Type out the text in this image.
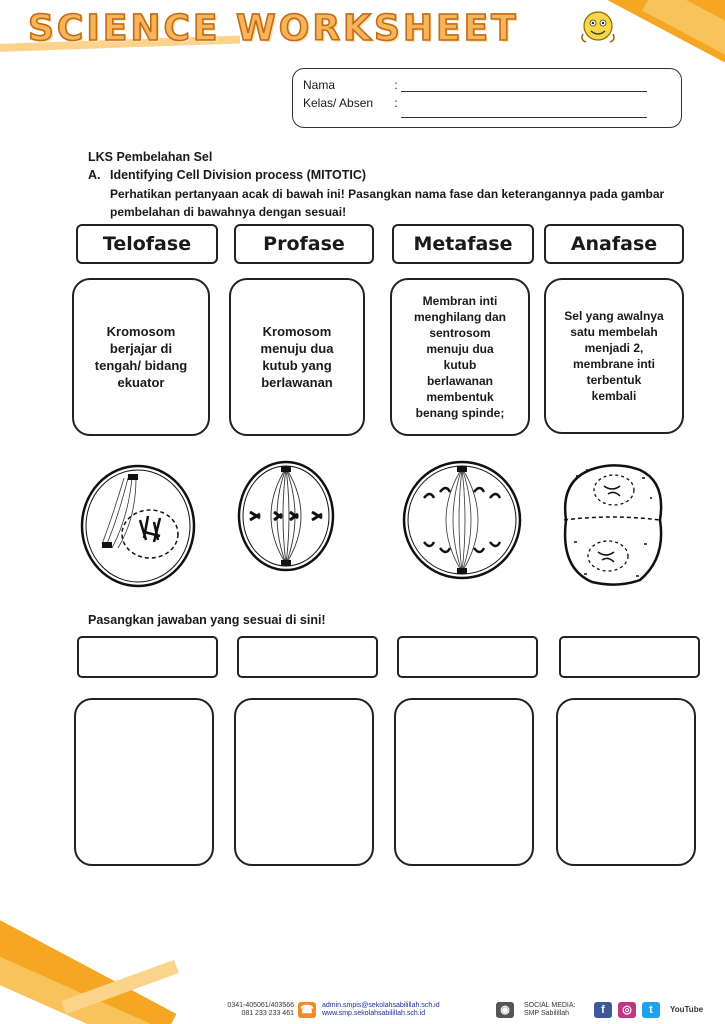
SCIENCE WORKSHEET
Nama	:
Kelas/ Absen :
LKS Pembelahan Sel
A. Identifying Cell Division process (MITOTIC)
Perhatikan pertanyaan acak di bawah ini! Pasangkan nama fase dan keterangannya pada gambar
pembelahan di bawahnya dengan sesuai!
Telofase	Profase	Metafase	Anafase
Kromosom
berjajar di
tengah/ bidang
ekuator
Kromosom
menuju dua
kutub yang
berlawanan
Membran inti
menghilang dan
sentrosom
menuju dua
kutub
berlawanan
membentuk
benang spinde;
Sel yang awalnya
satu membelah
menjadi 2,
membrane inti
terbentuk
kembali
Pasangkan jawaban yang sesuai di sini!
0341-405061/403566
081 233 233 461 ☎	admin.smpis@sekolahsabilillah.sch.id
www.smp.sekolahsabilillah.sch.id	◉	SOCIAL MEDIA:
SMP Sabilillah	f	◎	t	YouTube
